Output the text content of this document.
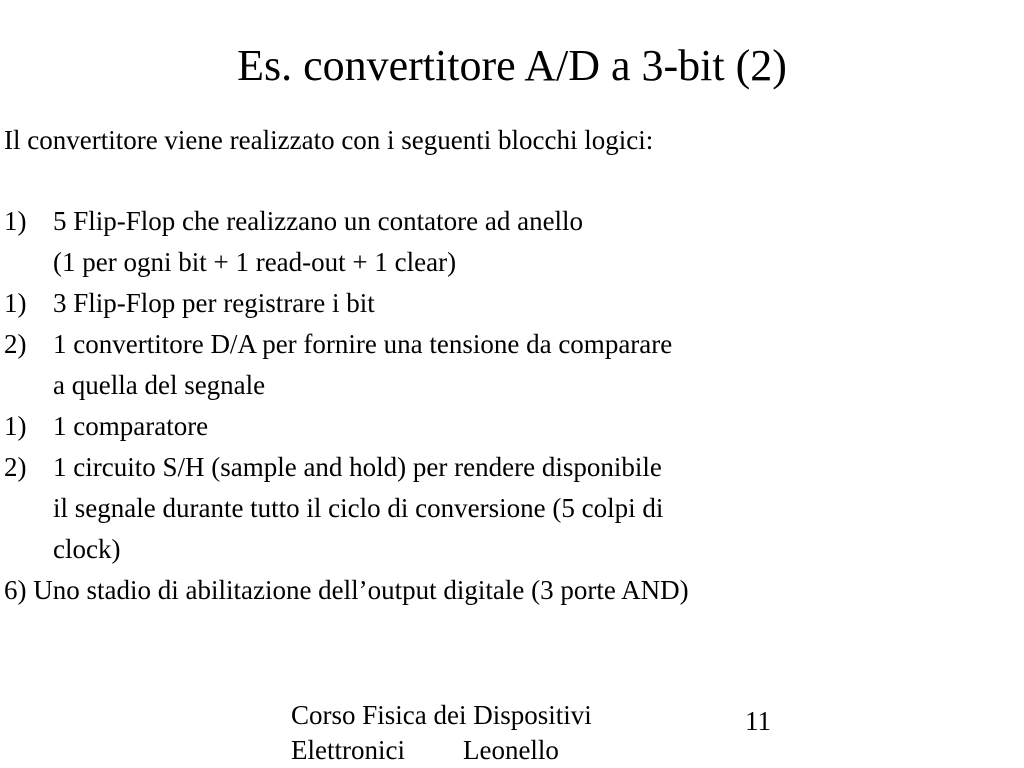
Es. convertitore A/D a 3-bit (2)
Il convertitore viene realizzato con i seguenti blocchi logici:
1) 5 Flip-Flop che realizzano un contatore ad anello
(1 per ogni bit + 1 read-out + 1 clear)
1) 3 Flip-Flop per registrare i bit
2) 1 convertitore D/A per fornire una tensione da comparare
a quella del segnale
1) 1 comparatore
2) 1 circuito S/H (sample and hold) per rendere disponibile
il segnale durante tutto il ciclo di conversione (5 colpi di
clock)
6) Uno stadio di abilitazione dell’output digitale (3 porte AND)
Corso Fisica dei Dispositivi
Elettronici Leonello
11
